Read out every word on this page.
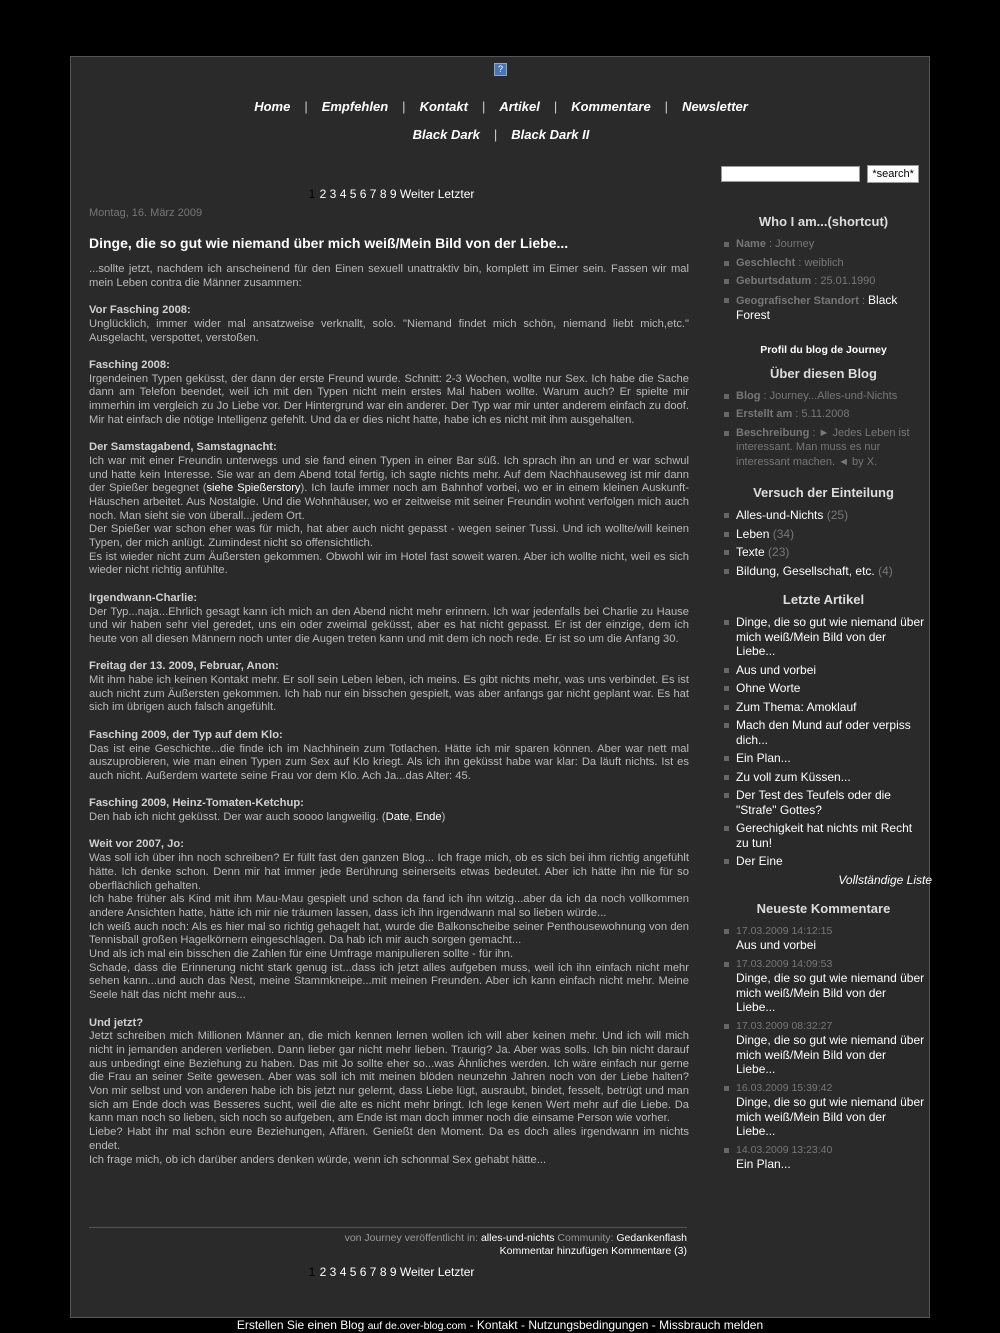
?
Home | Empfehlen | Kontakt | Artikel | Kommentare | Newsletter
Black Dark | Black Dark II
*search*
1 2 3 4 5 6 7 8 9 Weiter Letzter
Montag, 16. März 2009
Dinge, die so gut wie niemand über mich weiß/Mein Bild von der Liebe...

...sollte jetzt, nachdem ich anscheinend für den Einen sexuell unattraktiv bin, komplett im Eimer sein. Fassen wir mal mein Leben contra die Männer zusammen:

Vor Fasching 2008:
Unglücklich, immer wider mal ansatzweise verknallt, solo. "Niemand findet mich schön, niemand liebt mich,etc." Ausgelacht, verspottet, verstoßen.

Fasching 2008:
Irgendeinen Typen geküsst, der dann der erste Freund wurde. Schnitt: 2-3 Wochen, wollte nur Sex. Ich habe die Sache dann am Telefon beendet, weil ich mit den Typen nicht mein erstes Mal haben wollte. Warum auch? Er spielte mir immerhin im vergleich zu Jo Liebe vor. Der Hintergrund war ein anderer. Der Typ war mir unter anderem einfach zu doof. Mir hat einfach die nötige Intelligenz gefehlt. Und da er dies nicht hatte, habe ich es nicht mit ihm ausgehalten.

Der Samstagabend, Samstagnacht:
Ich war mit einer Freundin unterwegs und sie fand einen Typen in einer Bar süß. Ich sprach ihn an und er war schwul und hatte kein Interesse. Sie war an dem Abend total fertig, ich sagte nichts mehr. Auf dem Nachhauseweg ist mir dann der Spießer begegnet (siehe Spießerstory). Ich laufe immer noch am Bahnhof vorbei, wo er in einem kleinen Auskunft-Häuschen arbeitet. Aus Nostalgie. Und die Wohnhäuser, wo er zeitweise mit seiner Freundin wohnt verfolgen mich auch noch. Man sieht sie von überall...jedem Ort.
Der Spießer war schon eher was für mich, hat aber auch nicht gepasst - wegen seiner Tussi. Und ich wollte/will keinen Typen, der mich anlügt. Zumindest nicht so offensichtlich.
Es ist wieder nicht zum Äußersten gekommen. Obwohl wir im Hotel fast soweit waren. Aber ich wollte nicht, weil es sich wieder nicht richtig anfühlte.

Irgendwann-Charlie:
Der Typ...naja...Ehrlich gesagt kann ich mich an den Abend nicht mehr erinnern. Ich war jedenfalls bei Charlie zu Hause und wir haben sehr viel geredet, uns ein oder zweimal geküsst, aber es hat nicht gepasst. Er ist der einzige, dem ich heute von all diesen Männern noch unter die Augen treten kann und mit dem ich noch rede. Er ist so um die Anfang 30.

Freitag der 13. 2009, Februar, Anon:
Mit ihm habe ich keinen Kontakt mehr. Er soll sein Leben leben, ich meins. Es gibt nichts mehr, was uns verbindet. Es ist auch nicht zum Äußersten gekommen. Ich hab nur ein bisschen gespielt, was aber anfangs gar nicht geplant war. Es hat sich im übrigen auch falsch angefühlt.

Fasching 2009, der Typ auf dem Klo:
Das ist eine Geschichte...die finde ich im Nachhinein zum Totlachen. Hätte ich mir sparen können. Aber war nett mal auszuprobieren, wie man einen Typen zum Sex auf Klo kriegt. Als ich ihn geküsst habe war klar: Da läuft nichts. Ist es auch nicht. Außerdem wartete seine Frau vor dem Klo. Ach Ja...das Alter: 45.

Fasching 2009, Heinz-Tomaten-Ketchup:
Den hab ich nicht geküsst. Der war auch soooo langweilig. (Date, Ende)

Weit vor 2007, Jo:
Was soll ich über ihn noch schreiben? Er füllt fast den ganzen Blog... Ich frage mich, ob es sich bei ihm richtig angefühlt hätte. Ich denke schon. Denn mir hat immer jede Berührung seinerseits etwas bedeutet. Aber ich hätte ihn nie für so oberflächlich gehalten.
Ich habe früher als Kind mit ihm Mau-Mau gespielt und schon da fand ich ihn witzig...aber da ich da noch vollkommen andere Ansichten hatte, hätte ich mir nie träumen lassen, dass ich ihn irgendwann mal so lieben würde...
Ich weiß auch noch: Als es hier mal so richtig gehagelt hat, wurde die Balkonscheibe seiner Penthousewohnung von den Tennisball großen Hagelkörnern eingeschlagen. Da hab ich mir auch sorgen gemacht...
Und als ich mal ein bisschen die Zahlen für eine Umfrage manipulieren sollte - für ihn.
Schade, dass die Erinnerung nicht stark genug ist...dass ich jetzt alles aufgeben muss, weil ich ihn einfach nicht mehr sehen kann...und auch das Nest, meine Stammkneipe...mit meinen Freunden. Aber ich kann einfach nicht mehr. Meine Seele hält das nicht mehr aus...

Und jetzt?
Jetzt schreiben mich Millionen Männer an, die mich kennen lernen wollen ich will aber keinen mehr. Und ich will mich nicht in jemanden anderen verlieben. Dann lieber gar nicht mehr lieben. Traurig? Ja. Aber was solls. Ich bin nicht darauf aus unbedingt eine Beziehung zu haben. Das mit Jo sollte eher so...was Ähnliches werden. Ich wäre einfach nur gerne die Frau an seiner Seite gewesen. Aber was soll ich mit meinen blöden neunzehn Jahren noch von der Liebe halten? Von mir selbst und von anderen habe ich bis jetzt nur gelernt, dass Liebe lügt, ausraubt, bindet, fesselt, betrügt und man sich am Ende doch was Besseres sucht, weil die alte es nicht mehr bringt. Ich lege kenen Wert mehr auf die Liebe. Da kann man noch so lieben, sich noch so aufgeben, am Ende ist man doch immer noch die einsame Person wie vorher.
Liebe? Habt ihr mal schön eure Beziehungen, Affären. Genießt den Moment. Da es doch alles irgendwann im nichts endet.
Ich frage mich, ob ich darüber anders denken würde, wenn ich schonmal Sex gehabt hätte...

von Journey veröffentlicht in: alles-und-nichts Community: Gedankenflash
Kommentar hinzufügen Kommentare (3)
1 2 3 4 5 6 7 8 9 Weiter Letzter
Who I am...(shortcut)
Name : Journey
Geschlecht : weiblich
Geburtsdatum : 25.01.1990
Geografischer Standort : Black Forest
Profil du blog de Journey
Über diesen Blog
Blog : Journey...Alles-und-Nichts
Erstellt am : 5.11.2008
Beschreibung : ► Jedes Leben ist interessant. Man muss es nur interessant machen. ◄ by X.
Versuch der Einteilung
Alles-und-Nichts (25)
Leben (34)
Texte (23)
Bildung, Gesellschaft, etc. (4)
Letzte Artikel
Dinge, die so gut wie niemand über mich weiß/Mein Bild von der Liebe...
Aus und vorbei
Ohne Worte
Zum Thema: Amoklauf
Mach den Mund auf oder verpiss dich...
Ein Plan...
Zu voll zum Küssen...
Der Test des Teufels oder die "Strafe" Gottes?
Gerechigkeit hat nichts mit Recht zu tun!
Der Eine
Vollständige Liste
Neueste Kommentare
17.03.2009 14:12:15
Aus und vorbei
17.03.2009 14:09:53
Dinge, die so gut wie niemand über mich weiß/Mein Bild von der Liebe...
17.03.2009 08:32:27
Dinge, die so gut wie niemand über mich weiß/Mein Bild von der Liebe...
16.03.2009 15:39:42
Dinge, die so gut wie niemand über mich weiß/Mein Bild von der Liebe...
14.03.2009 13:23:40
Ein Plan...
Erstellen Sie einen Blog auf de.over-blog.com - Kontakt - Nutzungsbedingungen - Missbrauch melden
